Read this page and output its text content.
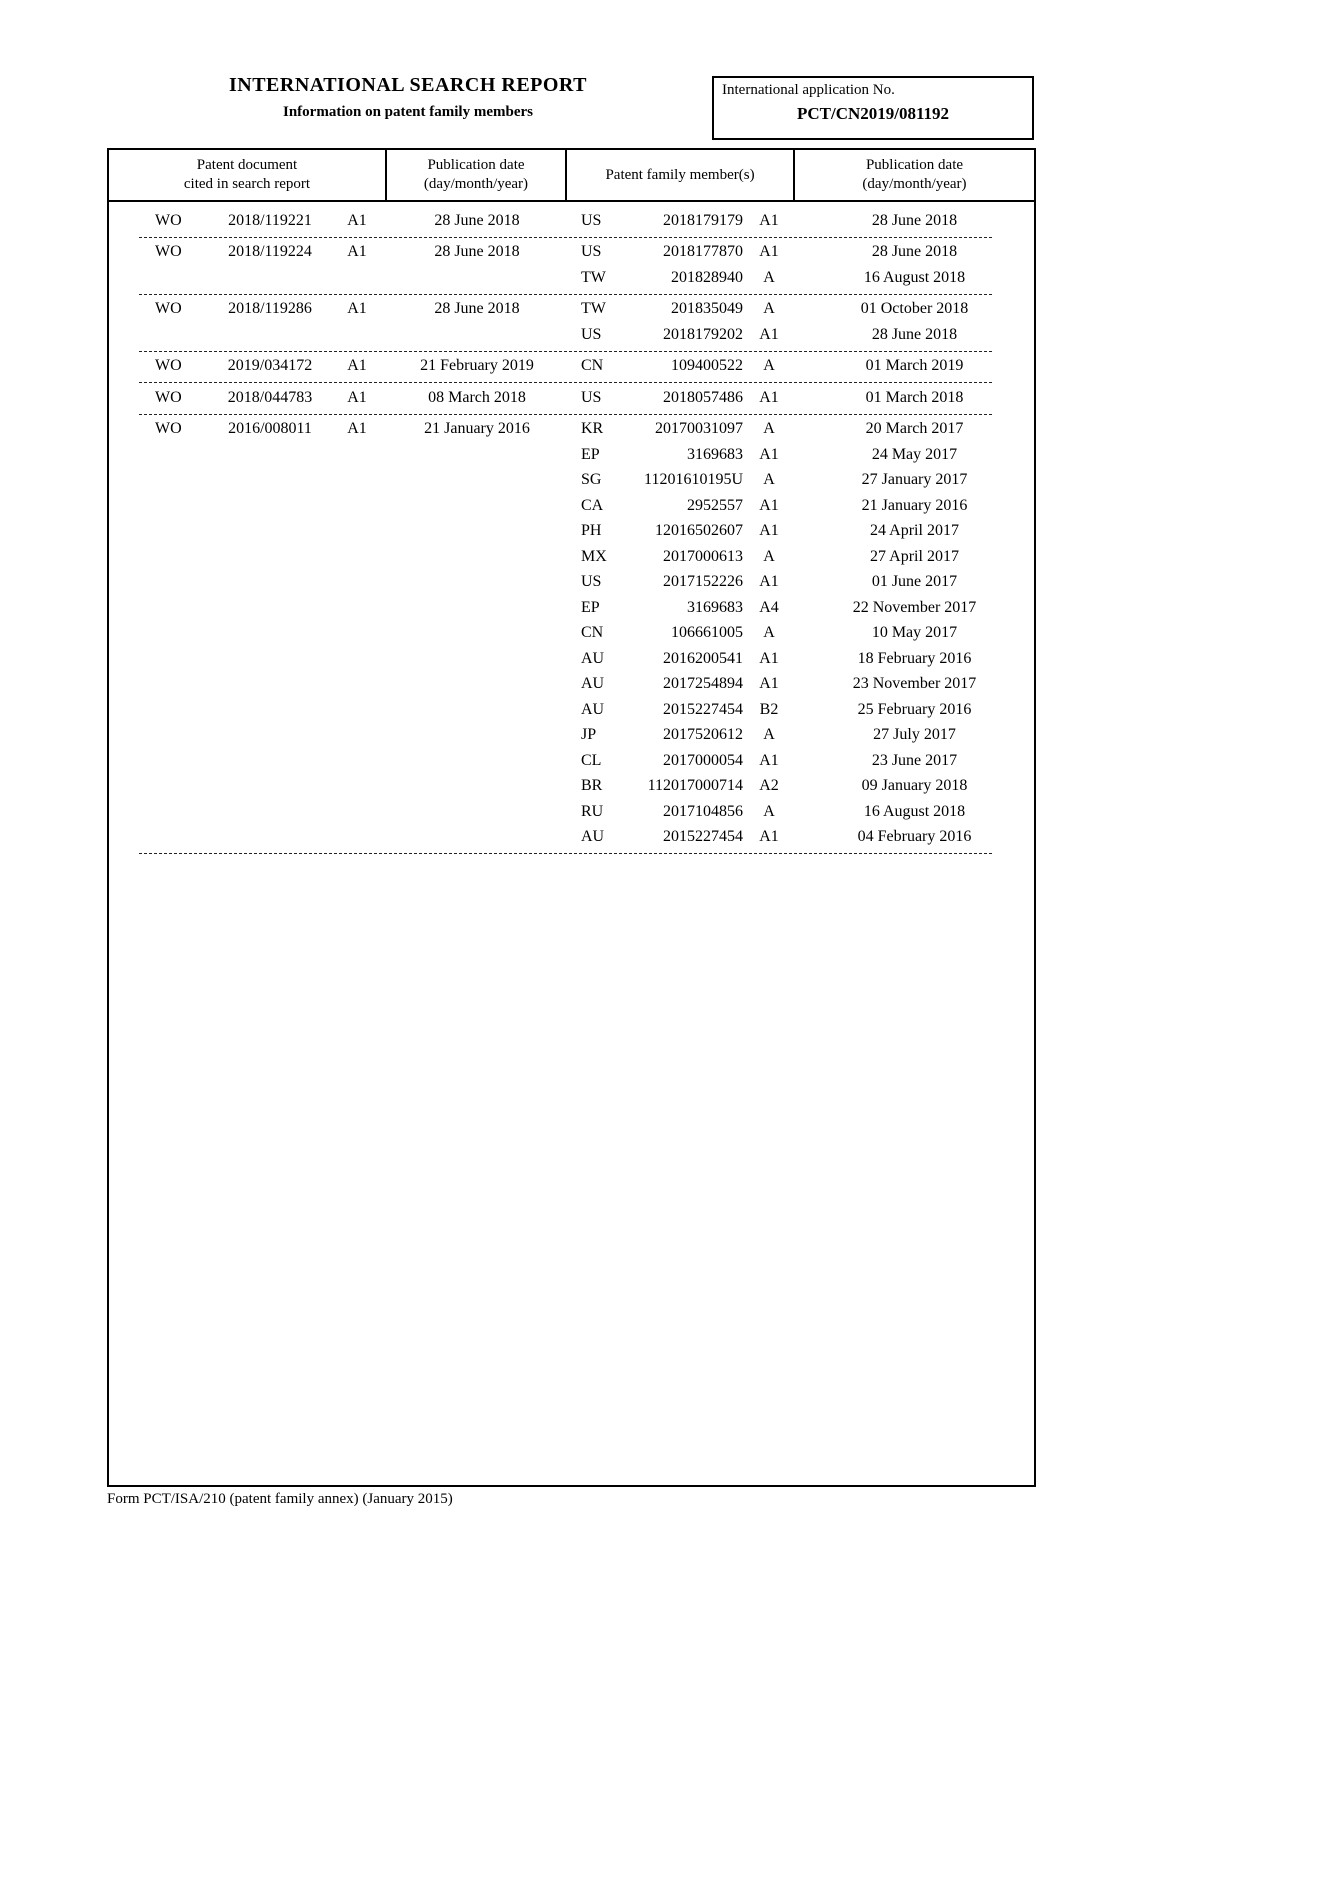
INTERNATIONAL SEARCH REPORT
Information on patent family members
International application No.
PCT/CN2019/081192
Patent document
cited in search report
Publication date
(day/month/year)
Patent family member(s)
Publication date
(day/month/year)
WO	2018/119221	A1	28 June 2018	US	2018179179	A1	28 June 2018
WO	2018/119224	A1	28 June 2018	US	2018177870	A1	28 June 2018
TW	201828940	A	16 August 2018
WO	2018/119286	A1	28 June 2018	TW	201835049	A	01 October 2018
US	2018179202	A1	28 June 2018
WO	2019/034172	A1	21 February 2019	CN	109400522	A	01 March 2019
WO	2018/044783	A1	08 March 2018	US	2018057486	A1	01 March 2018
WO	2016/008011	A1	21 January 2016	KR	20170031097	A	20 March 2017
EP	3169683	A1	24 May 2017
SG	11201610195U	A	27 January 2017
CA	2952557	A1	21 January 2016
PH	12016502607	A1	24 April 2017
MX	2017000613	A	27 April 2017
US	2017152226	A1	01 June 2017
EP	3169683	A4	22 November 2017
CN	106661005	A	10 May 2017
AU	2016200541	A1	18 February 2016
AU	2017254894	A1	23 November 2017
AU	2015227454	B2	25 February 2016
JP	2017520612	A	27 July 2017
CL	2017000054	A1	23 June 2017
BR	112017000714	A2	09 January 2018
RU	2017104856	A	16 August 2018
AU	2015227454	A1	04 February 2016
Form PCT/ISA/210 (patent family annex) (January 2015)
